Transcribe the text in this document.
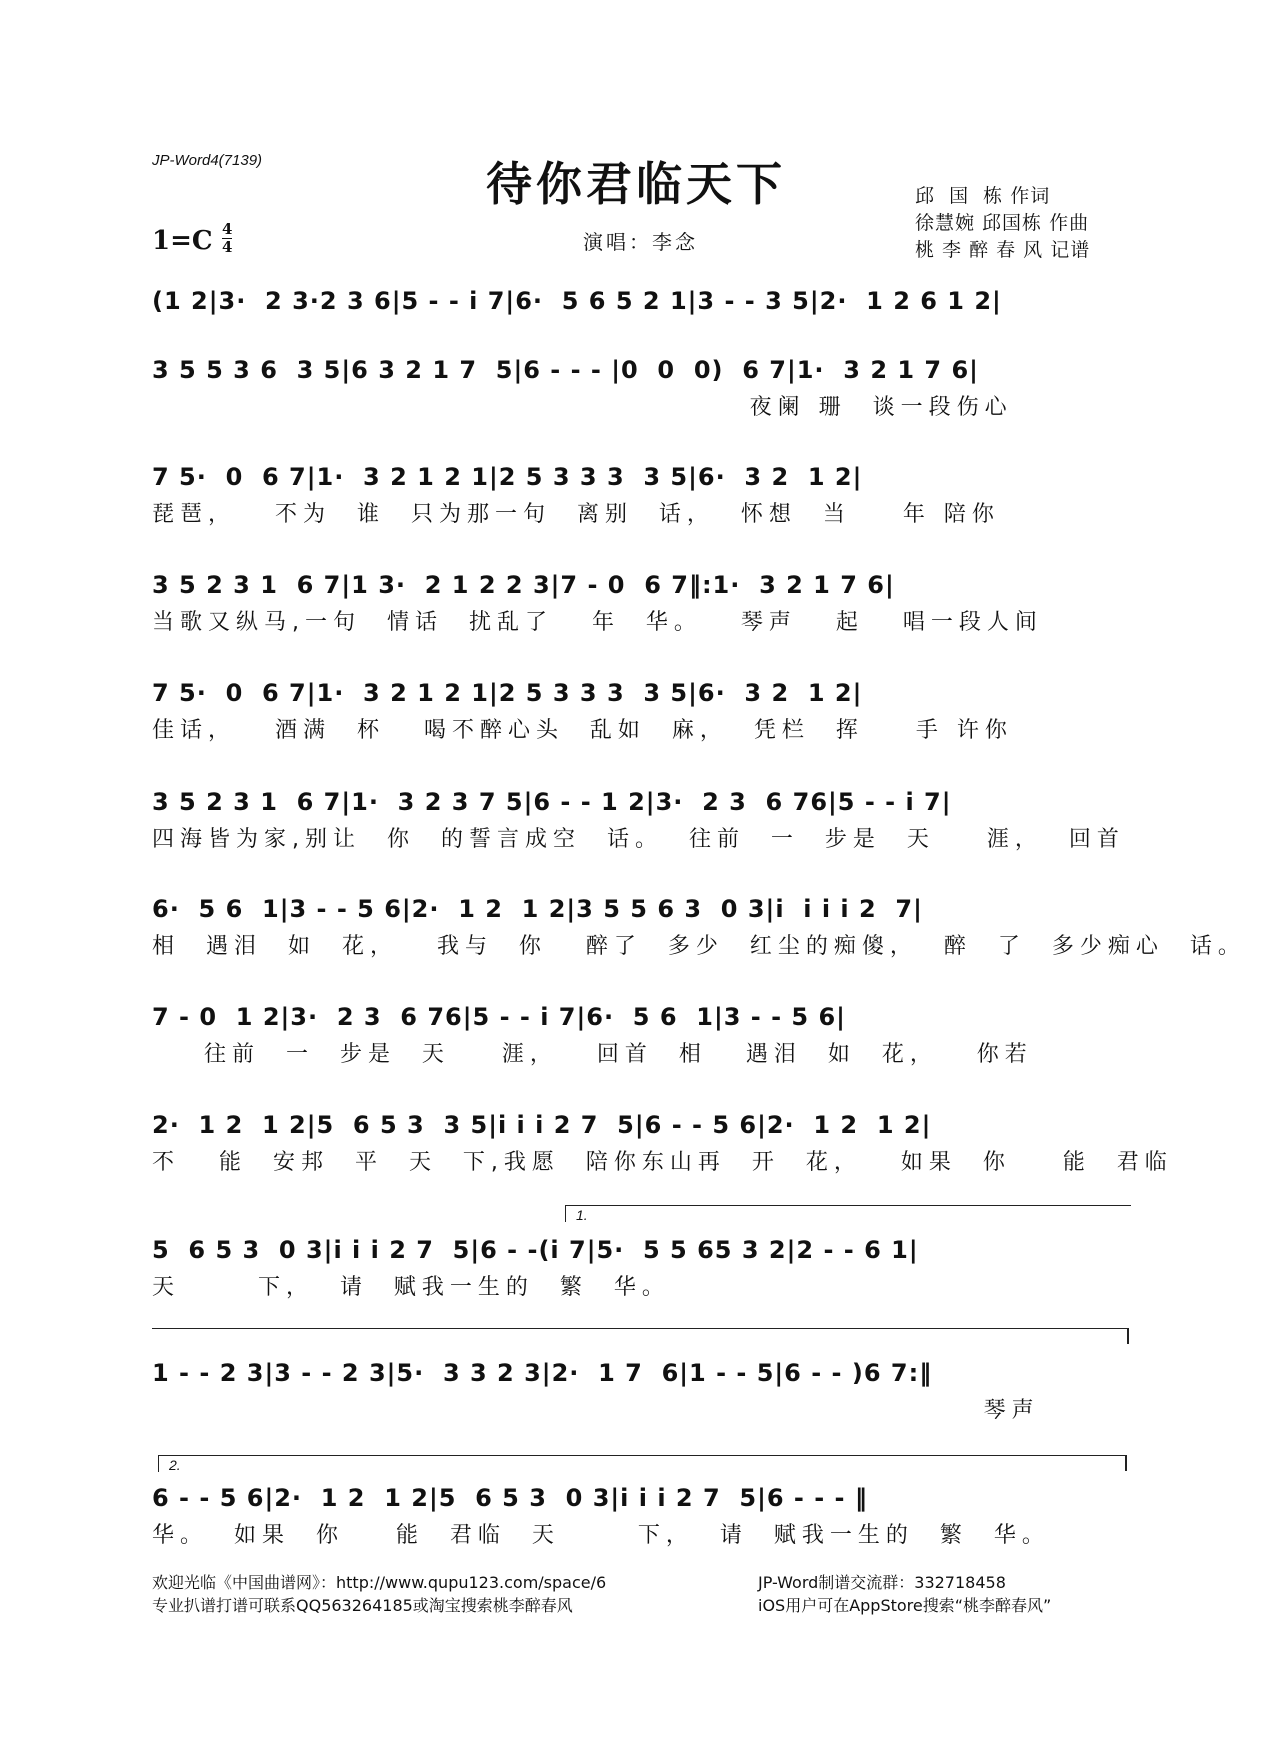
JP-Word4(7139)	待你君临天下
$1=C \frac{4}{4}$	演唱：李念
邱  国  栋 作词
徐慧婉 邱国栋 作曲
桃 李 醉 春 风 记谱
(1 2|3·  2 3·2 3 6|5 - - i 7|6·  5 6 5 2 1|3 - - 3 5|2·  1 2 6 1 2|
3 5 5 3 6  3 5|6 3 2 1 7  5|6 - - - |0  0  0)  6 7|1·  3 2 1 7 6|
夜阑 珊  谈一段伤心
7 5·  0  6 7|1·  3 2 1 2 1|2 5 3 3 3  3 5|6·  3 2  1 2|
琵琶，   不为  谁  只为那一句  离别  话，  怀想  当    年 陪你
3 5 2 3 1  6 7|1 3·  2 1 2 2 3|7 - 0  6 7‖:1·  3 2 1 7 6|
当歌又纵马,一句  情话  扰乱了   年  华。   琴声   起   唱一段人间
7 5·  0  6 7|1·  3 2 1 2 1|2 5 3 3 3  3 5|6·  3 2  1 2|
佳话，   酒满  杯   喝不醉心头  乱如  麻，  凭栏  挥    手 许你
3 5 2 3 1  6 7|1·  3 2 3 7 5|6 - - 1 2|3·  2 3  6 76|5 - - i 7|
四海皆为家,别让  你  的誓言成空  话。  往前  一  步是  天    涯，  回首
6·  5 6  1|3 - - 5 6|2·  1 2  1 2|3 5 5 6 3  0 3|i  i i i 2  7|
相  遇泪  如  花，   我与  你   醉了  多少  红尘的痴傻，  醉  了  多少痴心  话。
7 - 0  1 2|3·  2 3  6 76|5 - - i 7|6·  5 6  1|3 - - 5 6|
往前  一  步是  天    涯，   回首  相   遇泪  如  花，   你若
2·  1 2  1 2|5  6 5 3  3 5|i i i 2 7  5|6 - - 5 6|2·  1 2  1 2|
不   能  安邦  平  天  下,我愿  陪你东山再  开  花，   如果  你    能  君临
1.
5  6 5 3  0 3|i i i 2 7  5|6 - -(i 7|5·  5 5 65 3 2|2 - - 6 1|
天      下，  请  赋我一生的  繁  华。
1 - - 2 3|3 - - 2 3|5·  3 3 2 3|2·  1 7  6|1 - - 5|6 - - )6 7:‖
琴声
2.
6 - - 5 6|2·  1 2  1 2|5  6 5 3  0 3|i i i 2 7  5|6 - - - ‖
华。  如果  你    能  君临  天      下，  请  赋我一生的  繁  华。
欢迎光临《中国曲谱网》：http://www.qupu123.com/space/6
专业扒谱打谱可联系QQ563264185或淘宝搜索桃李醉春风
JP-Word制谱交流群：332718458
iOS用户可在AppStore搜索“桃李醉春风”
